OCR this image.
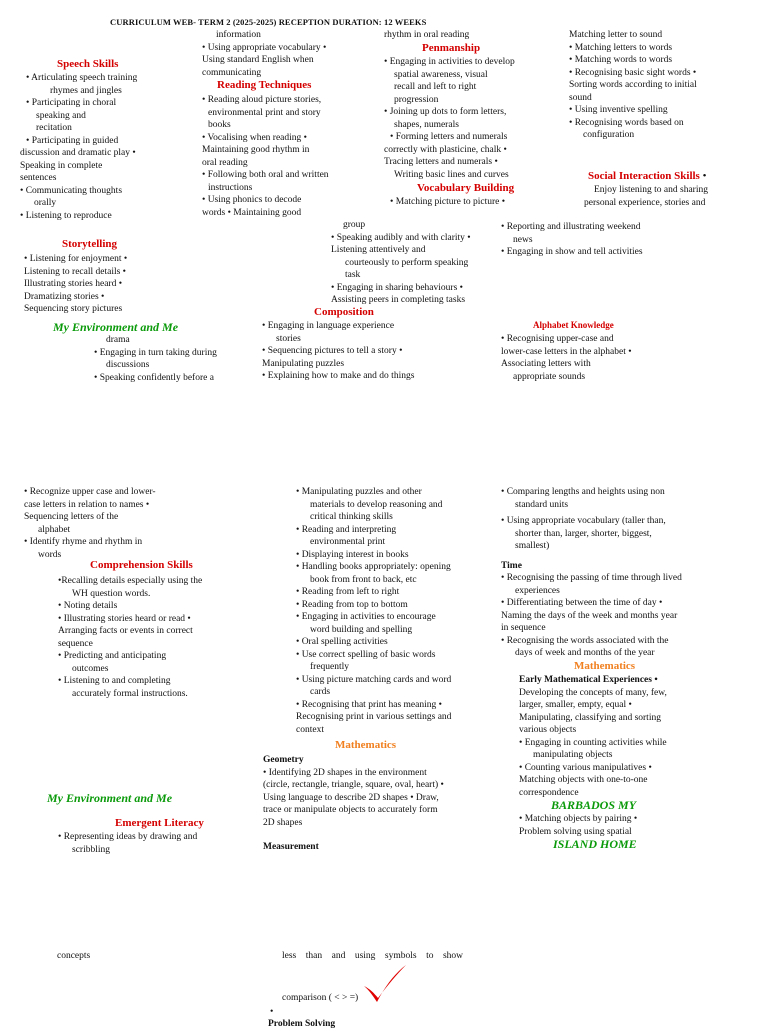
CURRICULUM WEB- TERM 2 (2025-2025) RECEPTION DURATION: 12 WEEKS
Speech Skills
• Articulating speech training
rhymes and jingles
• Participating in choral
speaking and
recitation
• Participating in guided
discussion and dramatic play •
Speaking in complete
sentences
• Communicating thoughts
orally
• Listening to reproduce
Storytelling
• Listening for enjoyment •
Listening to recall details •
Illustrating stories heard •
Dramatizing stories •
Sequencing story pictures
My Environment and Me
drama
• Engaging in turn taking during
discussions
• Speaking confidently before a
information
• Using appropriate vocabulary •
Using standard English when
communicating
Reading Techniques
• Reading aloud picture stories,
environmental print and story
books
• Vocalising when reading •
Maintaining good rhythm in
oral reading
• Following both oral and written
instructions
• Using phonics to decode
words • Maintaining good
group
• Speaking audibly and with clarity •
Listening attentively and
courteously to perform speaking
task
• Engaging in sharing behaviours •
Assisting peers in completing tasks
Composition
• Engaging in language experience
stories
• Sequencing pictures to tell a story •
Manipulating puzzles
• Explaining how to make and do things
rhythm in oral reading
Penmanship
• Engaging in activities to develop
spatial awareness, visual
recall and left to right
progression
• Joining up dots to form letters,
shapes, numerals
• Forming letters and numerals
correctly with plasticine, chalk •
Tracing letters and numerals •
Writing basic lines and curves
Vocabulary Building
• Matching picture to picture •
Matching letter to sound
• Matching letters to words
• Matching words to words
• Recognising basic sight words •
Sorting words according to initial
sound
• Using inventive spelling
• Recognising words based on
configuration
Social Interaction Skills •
Enjoy listening to and sharing
personal experience, stories and
• Reporting and illustrating weekend
news
• Engaging in show and tell activities
Alphabet Knowledge
• Recognising upper-case and
lower-case letters in the alphabet •
Associating letters with
appropriate sounds
• Recognize upper case and lower-
case letters in relation to names •
Sequencing letters of the
alphabet
• Identify rhyme and rhythm in
words
Comprehension Skills
•Recalling details especially using the
WH question words.
• Noting details
• Illustrating stories heard or read •
Arranging facts or events in correct
sequence
• Predicting and anticipating
outcomes
• Listening to and completing
accurately formal instructions.
My Environment and Me
Emergent Literacy
• Representing ideas by drawing and
scribbling
• Manipulating puzzles and other
materials to develop reasoning and
critical thinking skills
• Reading and interpreting
environmental print
• Displaying interest in books
• Handling books appropriately: opening
book from front to back, etc
• Reading from left to right
• Reading from top to bottom
• Engaging in activities to encourage
word building and spelling
• Oral spelling activities
• Use correct spelling of basic words
frequently
• Using picture matching cards and word
cards
• Recognising that print has meaning •
Recognising print in various settings and
context
Mathematics
Geometry
• Identifying 2D shapes in the environment
(circle, rectangle, triangle, square, oval, heart) •
Using language to describe 2D shapes • Draw,
trace or manipulate objects to accurately form
2D shapes
Measurement
• Comparing lengths and heights using non
standard units
• Using appropriate vocabulary (taller than,
shorter than, larger, shorter, biggest,
smallest)
Time
• Recognising the passing of time through lived
experiences
• Differentiating between the time of day •
Naming the days of the week and months year
in sequence
• Recognising the words associated with the
days of week and months of the year
Mathematics
Early Mathematical Experiences •
Developing the concepts of many, few,
larger, smaller, empty, equal •
Manipulating, classifying and sorting
various objects
• Engaging in counting activities while
manipulating objects
• Counting various manipulatives •
Matching objects with one-to-one
correspondence
BARBADOS MY
• Matching objects by pairing •
Problem solving using spatial
ISLAND HOME
concepts	less    than    and    using    symbols    to    show
comparison ( < > =)
•
Problem Solving
